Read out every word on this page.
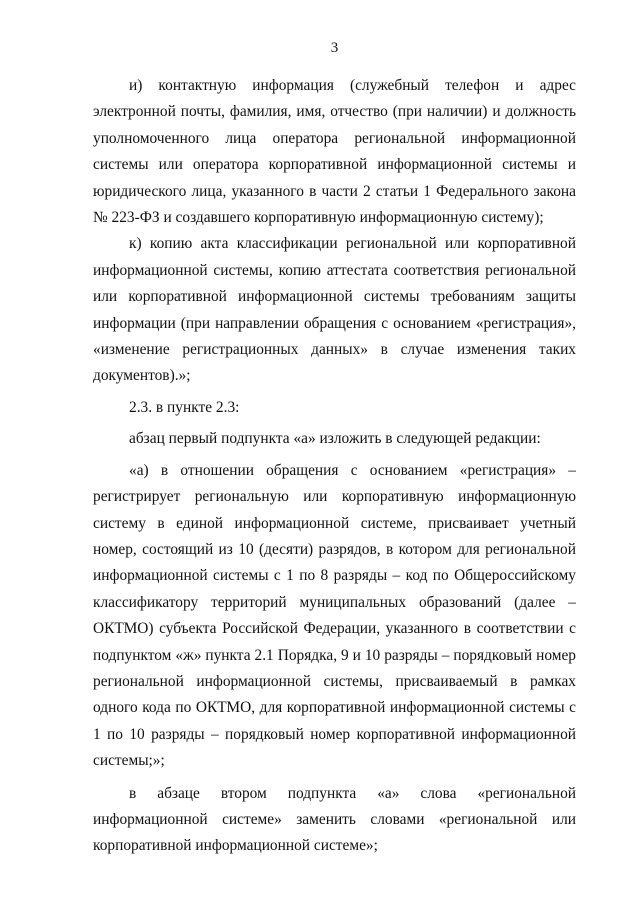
3

и) контактную информация (служебный телефон и адрес электронной почты, фамилия, имя, отчество (при наличии) и должность уполномоченного лица оператора региональной информационной системы или оператора корпоративной информационной системы и юридического лица, указанного в части 2 статьи 1 Федерального закона № 223-ФЗ и создавшего корпоративную информационную систему);

к) копию акта классификации региональной или корпоративной информационной системы, копию аттестата соответствия региональной или корпоративной информационной системы требованиям защиты информации (при направлении обращения с основанием «регистрация», «изменение регистрационных данных» в случае изменения таких документов).»;

2.3. в пункте 2.3:

абзац первый подпункта «а» изложить в следующей редакции:

«а) в отношении обращения с основанием «регистрация» – регистрирует региональную или корпоративную информационную систему в единой информационной системе, присваивает учетный номер, состоящий из 10 (десяти) разрядов, в котором для региональной информационной системы с 1 по 8 разряды – код по Общероссийскому классификатору территорий муниципальных образований (далее – ОКТМО) субъекта Российской Федерации, указанного в соответствии с подпунктом «ж» пункта 2.1 Порядка, 9 и 10 разряды – порядковый номер региональной информационной системы, присваиваемый в рамках одного кода по ОКТМО, для корпоративной информационной системы с 1 по 10 разряды – порядковый номер корпоративной информационной системы;»;

в абзаце втором подпункта «а» слова «региональной информационной системе» заменить словами «региональной или корпоративной информационной системе»;
